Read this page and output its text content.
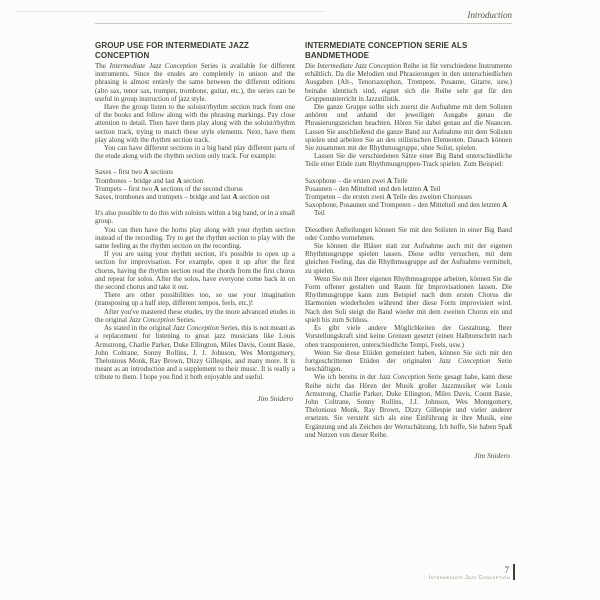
Introduction
GROUP USE FOR INTERMEDIATE JAZZ CONCEPTION

The Intermediate Jazz Conception Series is available for different instruments. Since the etudes are completely in unison and the phrasing is almost entirely the same between the different editions (alto sax, tenor sax, trumpet, trombone, guitar, etc.), the series can be useful in group instruction of jazz style.

Have the group listen to the soloist/rhythm section track from one of the books and follow along with the phrasing markings. Pay close attention to detail. Then have them play along with the soloist/rhythm section track, trying to match these style elements. Next, have them play along with the rhythm section track.

You can have different sections in a big band play different parts of the etude along with the rhythm section only track. For example:

Saxes – first two A sections
Trombones – bridge and last A section
Trumpets – first two A sections of the second chorus
Saxes, trombones and trumpets – bridge and last A section out

It's also possible to do this with soloists within a big band, or in a small group.

You can then have the horns play along with your rhythm section instead of the recording. Try to get the rhythm section to play with the same feeling as the rhythm section on the recording.

If you are using your rhythm section, it's possible to open up a section for improvisation. For example, open it up after the first chorus, having the rhythm section read the chords from the first chorus and repeat for solos. After the solos, have everyone come back in on the second chorus and take it out.

There are other possibilities too, so use your imagination (transposing up a half step, different tempos, feels, etc.)!

After you've mastered these etudes, try the more advanced etudes in the original Jazz Conception Series.

As stated in the original Jazz Conception Series, this is not meant as a replacement for listening to great jazz musicians like Louis Armstrong, Charlie Parker, Duke Ellington, Miles Davis, Count Basie, John Coltrane, Sonny Rollins, J. J. Johnson, Wes Montgomery, Thelonious Monk, Ray Brown, Dizzy Gillespie, and many more. It is meant as an introduction and a supplement to their music. It is really a tribute to them. I hope you find it both enjoyable and useful.

Jim Snidero

INTERMEDIATE CONCEPTION SERIE ALS BANDMETHODE

Die Intermediate Jazz Conception Reihe ist für verschiedene Instrumente erhältlich. Da die Melodien und Phrasierungen in den unterschiedlichen Ausgaben (Alt-, Tenorsaxophon, Trompete, Posaune, Gitarre, usw.) beinahe identisch sind, eignet sich die Reihe sehr gut für den Gruppenunterricht in Jazzstilistik.

Die ganze Gruppe sollte sich zuerst die Aufnahme mit dem Solisten anhören und anhand der jeweiligen Ausgabe genau die Phrasierungszeichen beachten. Hören Sie dabei genau auf die Nuancen. Lassen Sie anschließend die ganze Band zur Aufnahme mit dem Solisten spielen und arbeiten Sie an den stilistischen Elementen. Danach können Sie zusammen mit der Rhythmusgruppe, ohne Solist, spielen.

Lassen Sie die verschiedenen Sätze einer Big Band unterschiedliche Teile einer Etüde zum Rhythmusgruppen-Track spielen. Zum Beispiel:

Saxophone – die ersten zwei A Teile
Posaunen – den Mittelteil und den letzten A Teil
Trompeten – die ersten zwei A Teile des zweiten Chorusses
Saxophone, Posaunen und Trompeten – den Mittelteil und den letzten A Teil

Dieselben Aufteilungen können Sie mit den Solisten in einer Big Band oder Combo vornehmen.

Sie können die Bläser statt zur Aufnahme auch mit der eigenen Rhythmusgruppe spielen lassen. Diese sollte versuchen, mit dem gleichen Feeling, das die Rhythmusgruppe auf der Aufnahme vermittelt, zu spielen.

Wenn Sie mit Ihrer eigenen Rhythmusgruppe arbeiten, können Sie die Form offener gestalten und Raum für Improvisationen lassen. Die Rhythmusgruppe kann zum Beispiel nach dem ersten Chorus die Harmonien wiederholen während über diese Form improvisiert wird. Nach den Soli steigt die Band wieder mit dem zweiten Chorus ein und spielt bis zum Schluss.

Es gibt viele andere Möglichkeiten der Gestaltung, Ihrer Vorstellungskraft sind keine Grenzen gesetzt (einen Halbtonschritt nach oben transponieren, unterschiedliche Tempi, Feels, usw.)

Wenn Sie diese Etüden gemeistert haben, können Sie sich mit den fortgeschrittenen Etüden der originalen Jazz Conception Serie beschäftigen.

Wie ich bereits in der Jazz Conception Serie gesagt habe, kann diese Reihe nicht das Hören der Musik großer Jazzmusiker wie Louis Armstrong, Charlie Parker, Duke Ellington, Miles Davis, Count Basie, John Coltrane, Sonny Rollins, J.J. Johnson, Wes Montgomery, Thelonious Monk, Ray Brown, Dizzy Gillespie und vieler anderer ersetzen. Sie versteht sich als eine Einführung in ihre Musik, eine Ergänzung und als Zeichen der Wertschätzung. Ich hoffe, Sie haben Spaß und Nutzen von dieser Reihe.

Jim Snidero

7
Intermediate Jazz Conception
